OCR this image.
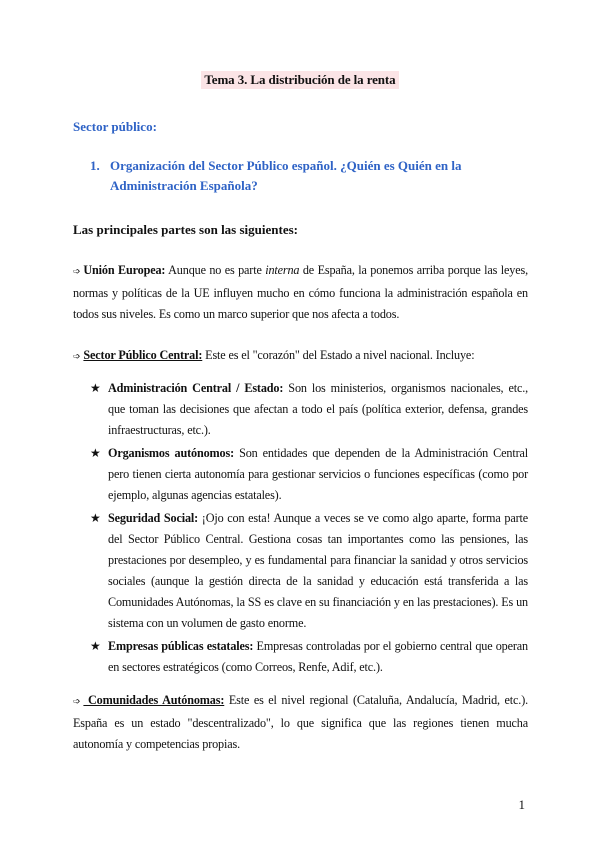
Tema 3. La distribución de la renta
Sector público:
1. Organización del Sector Público español. ¿Quién es Quién en la Administración Española?
Las principales partes son las siguientes:
➩ Unión Europea: Aunque no es parte interna de España, la ponemos arriba porque las leyes, normas y políticas de la UE influyen mucho en cómo funciona la administración española en todos sus niveles. Es como un marco superior que nos afecta a todos.
➩ Sector Público Central: Este es el "corazón" del Estado a nivel nacional. Incluye:
★ Administración Central / Estado: Son los ministerios, organismos nacionales, etc., que toman las decisiones que afectan a todo el país (política exterior, defensa, grandes infraestructuras, etc.).
★ Organismos autónomos: Son entidades que dependen de la Administración Central pero tienen cierta autonomía para gestionar servicios o funciones específicas (como por ejemplo, algunas agencias estatales).
★ Seguridad Social: ¡Ojo con esta! Aunque a veces se ve como algo aparte, forma parte del Sector Público Central. Gestiona cosas tan importantes como las pensiones, las prestaciones por desempleo, y es fundamental para financiar la sanidad y otros servicios sociales (aunque la gestión directa de la sanidad y educación está transferida a las Comunidades Autónomas, la SS es clave en su financiación y en las prestaciones). Es un sistema con un volumen de gasto enorme.
★ Empresas públicas estatales: Empresas controladas por el gobierno central que operan en sectores estratégicos (como Correos, Renfe, Adif, etc.).
➩ Comunidades Autónomas: Este es el nivel regional (Cataluña, Andalucía, Madrid, etc.). España es un estado "descentralizado", lo que significa que las regiones tienen mucha autonomía y competencias propias.
1
